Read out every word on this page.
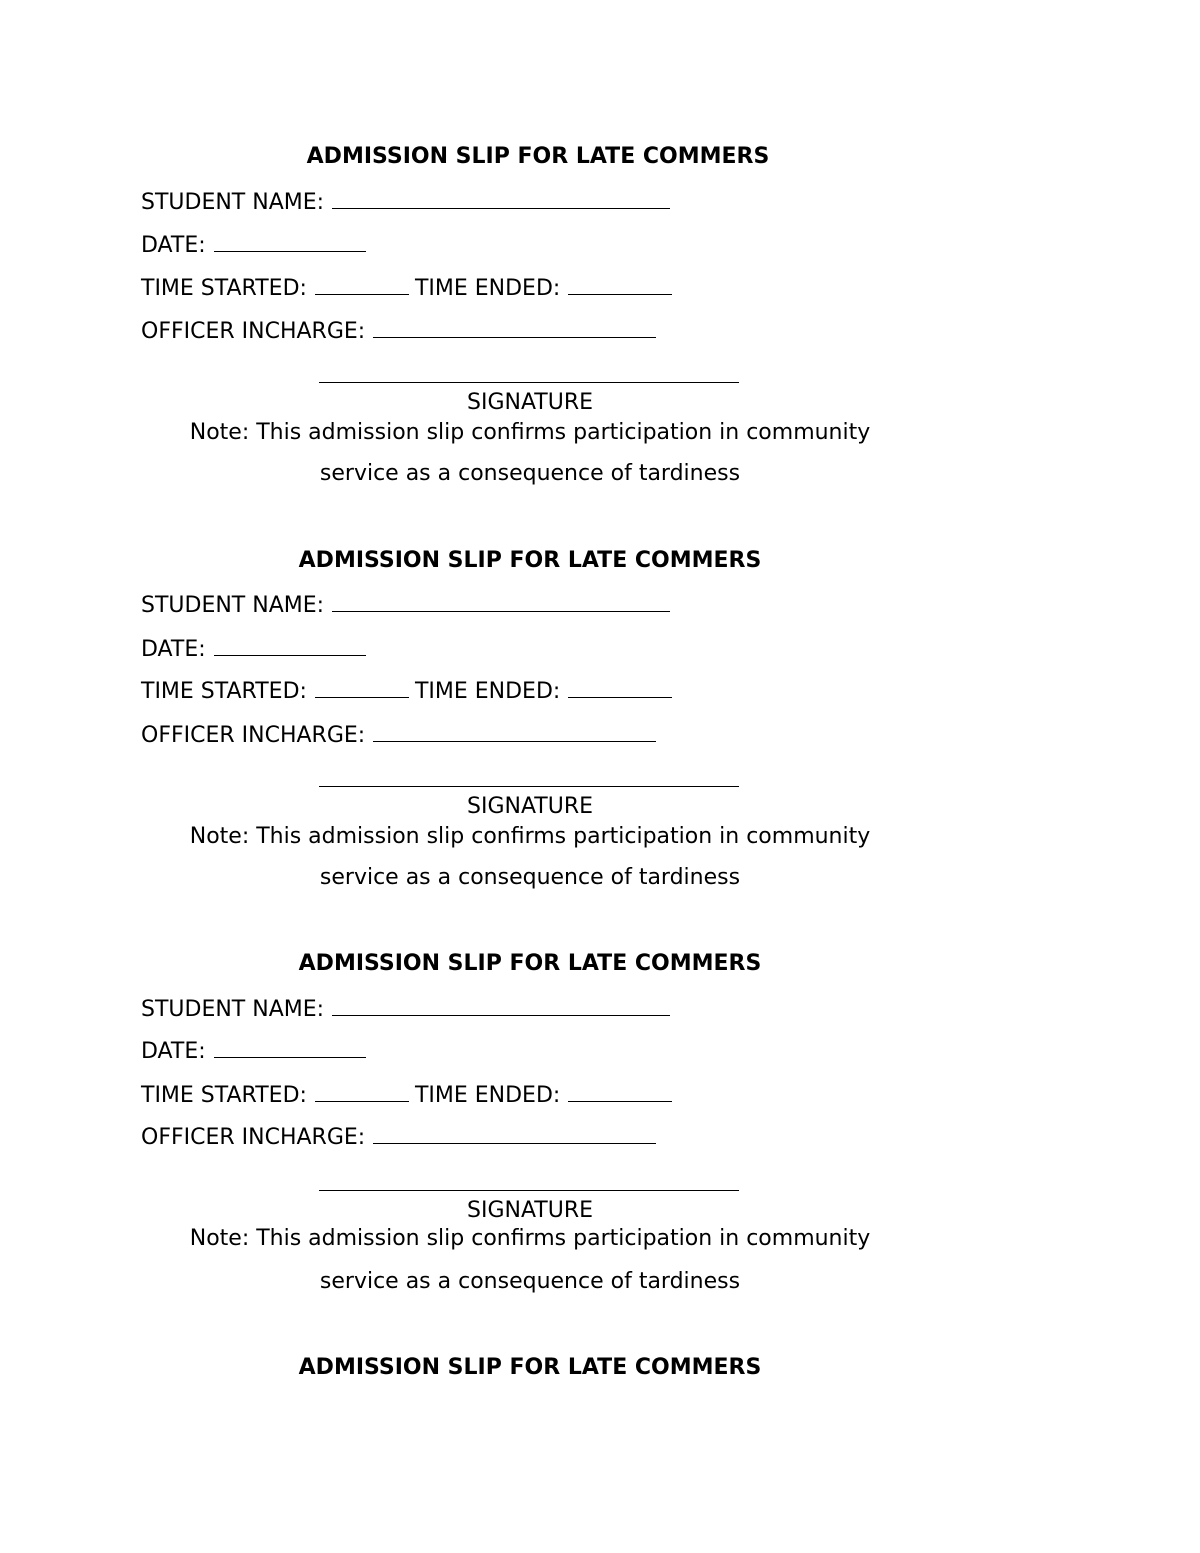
ADMISSION SLIP FOR LATE COMMERS
STUDENT NAME:
DATE:
TIME STARTED:	TIME ENDED:
OFFICER INCHARGE:
SIGNATURE
Note: This admission slip confirms participation in community
service as a consequence of tardiness
ADMISSION SLIP FOR LATE COMMERS
STUDENT NAME:
DATE:
TIME STARTED:	TIME ENDED:
OFFICER INCHARGE:
SIGNATURE
Note: This admission slip confirms participation in community
service as a consequence of tardiness
ADMISSION SLIP FOR LATE COMMERS
STUDENT NAME:
DATE:
TIME STARTED:	TIME ENDED:
OFFICER INCHARGE:
SIGNATURE
Note: This admission slip confirms participation in community
service as a consequence of tardiness
ADMISSION SLIP FOR LATE COMMERS
